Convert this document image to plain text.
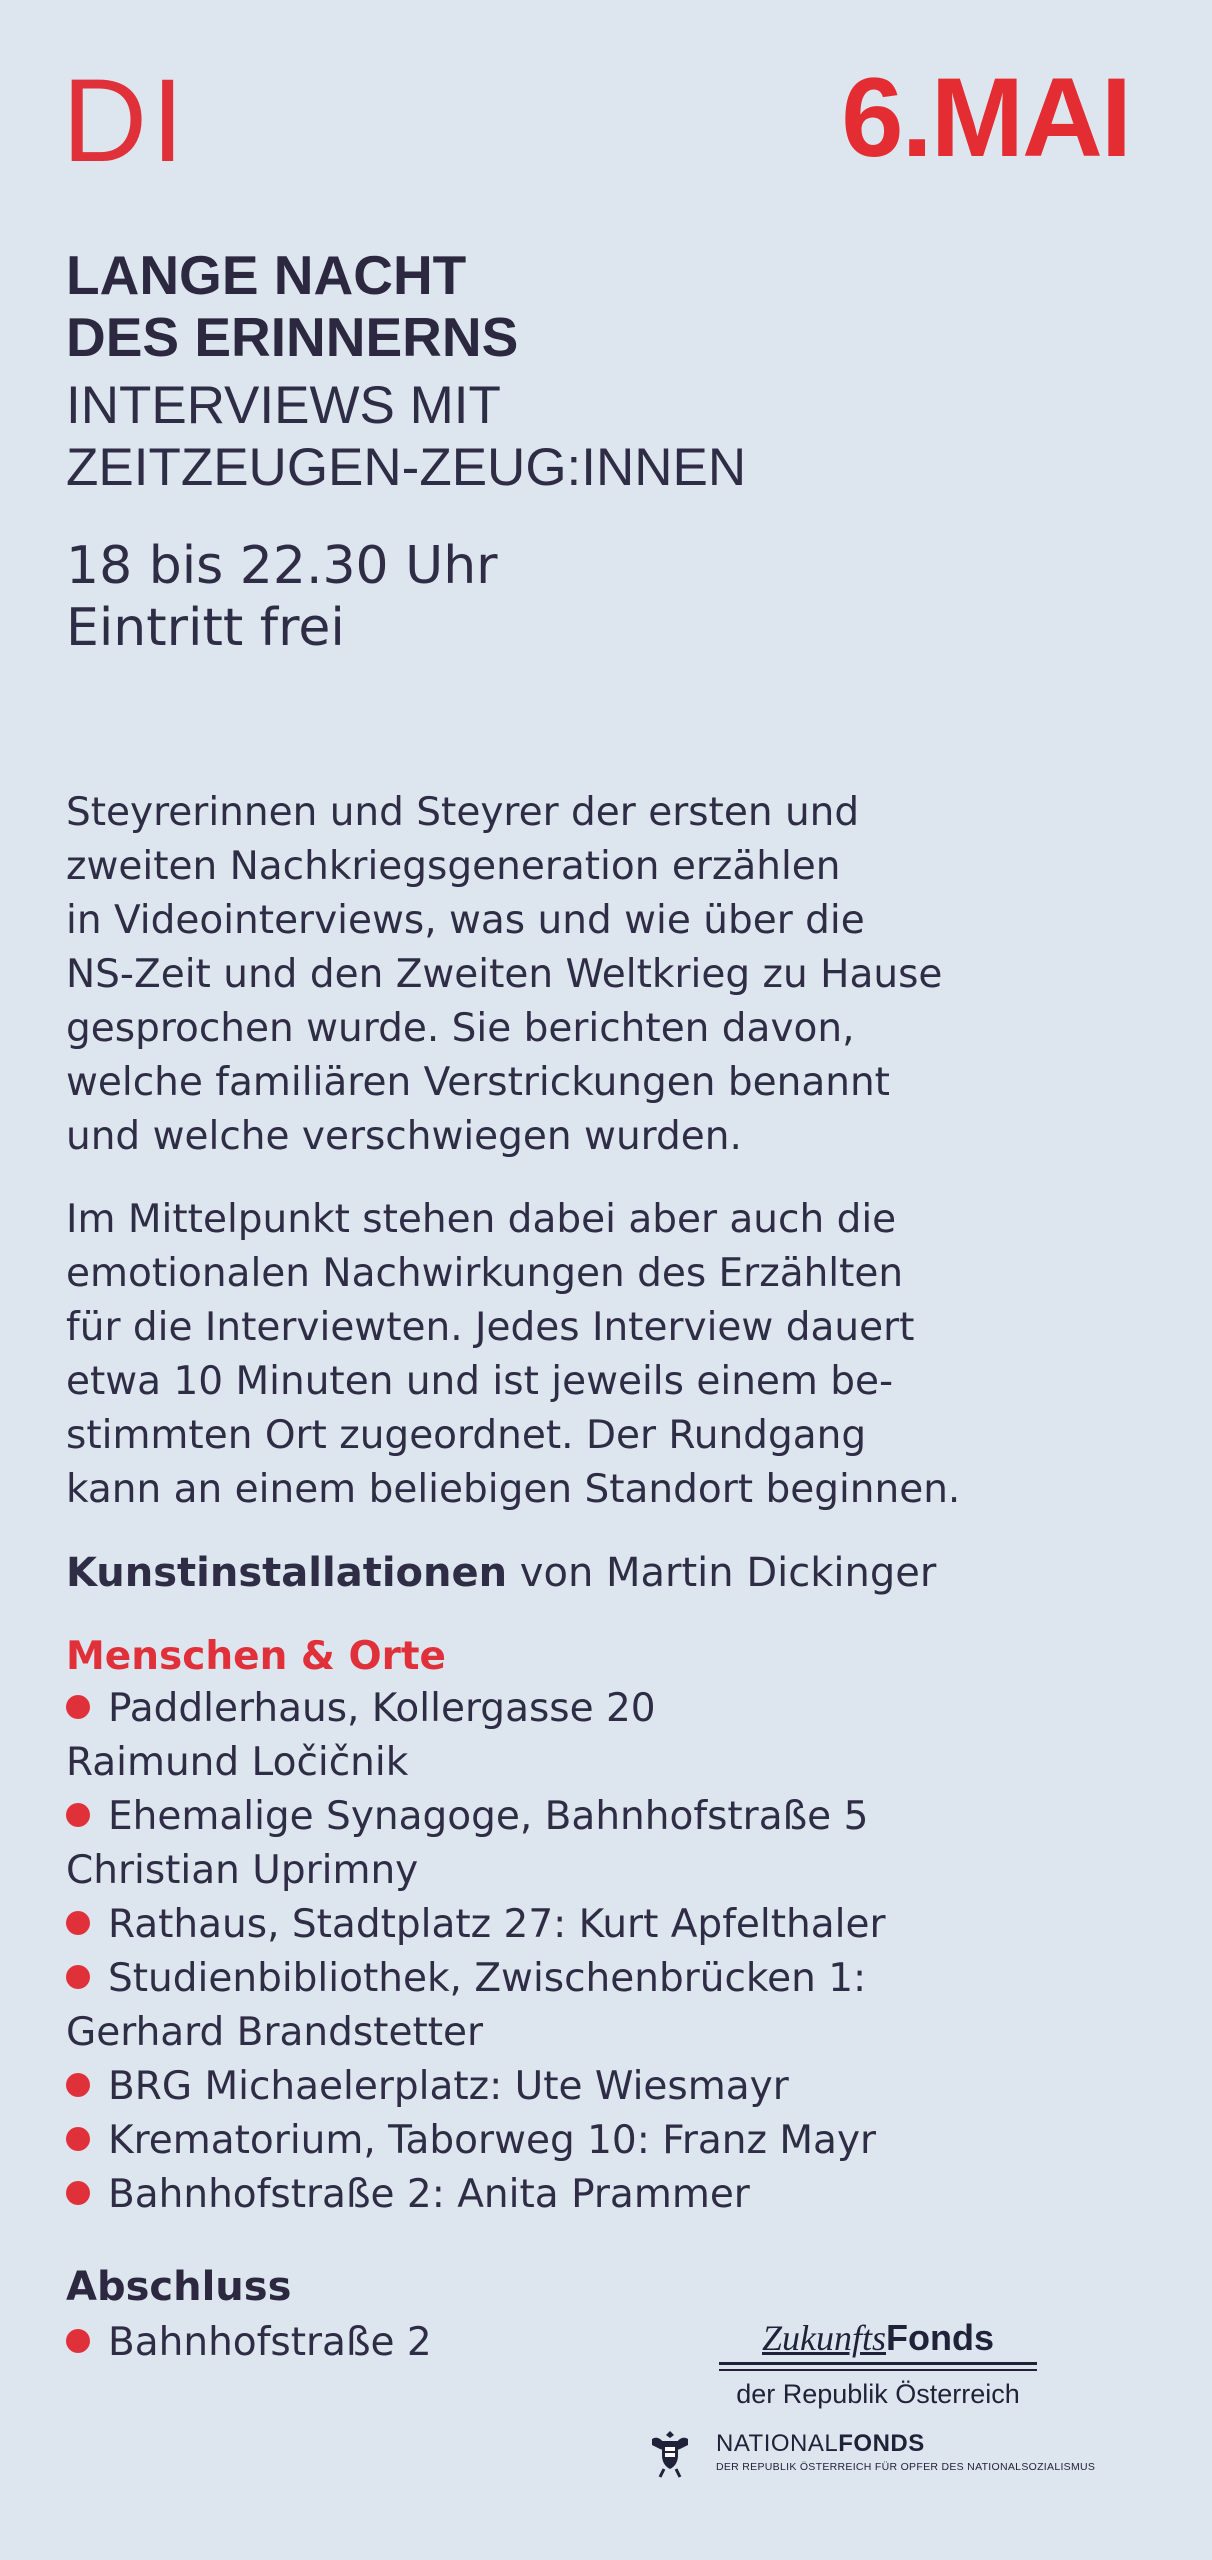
DI	6.MAI
LANGE NACHT
DES ERINNERNS
INTERVIEWS MIT
ZEITZEUGEN-ZEUG:INNEN
18 bis 22.30 Uhr
Eintritt frei
Steyrerinnen und Steyrer der ersten und
zweiten Nachkriegsgeneration erzählen
in Videointerviews, was und wie über die
NS-Zeit und den Zweiten Weltkrieg zu Hause
gesprochen wurde. Sie berichten davon,
welche familiären Verstrickungen benannt
und welche verschwiegen wurden.
Im Mittelpunkt stehen dabei aber auch die
emotionalen Nachwirkungen des Erzählten
für die Interviewten. Jedes Interview dauert
etwa 10 Minuten und ist jeweils einem be-
stimmten Ort zugeordnet. Der Rundgang
kann an einem beliebigen Standort beginnen.
Kunstinstallationen von Martin Dickinger
Menschen & Orte
Paddlerhaus, Kollergasse 20
Raimund Ločičnik
Ehemalige Synagoge, Bahnhofstraße 5
Christian Uprimny
Rathaus, Stadtplatz 27: Kurt Apfelthaler
Studienbibliothek, Zwischenbrücken 1:
Gerhard Brandstetter
BRG Michaelerplatz: Ute Wiesmayr
Krematorium, Taborweg 10: Franz Mayr
Bahnhofstraße 2: Anita Prammer
Abschluss
Bahnhofstraße 2	ZukunftsFonds
der Republik Österreich
NATIONALFONDS
DER REPUBLIK ÖSTERREICH FÜR OPFER DES NATIONALSOZIALISMUS
